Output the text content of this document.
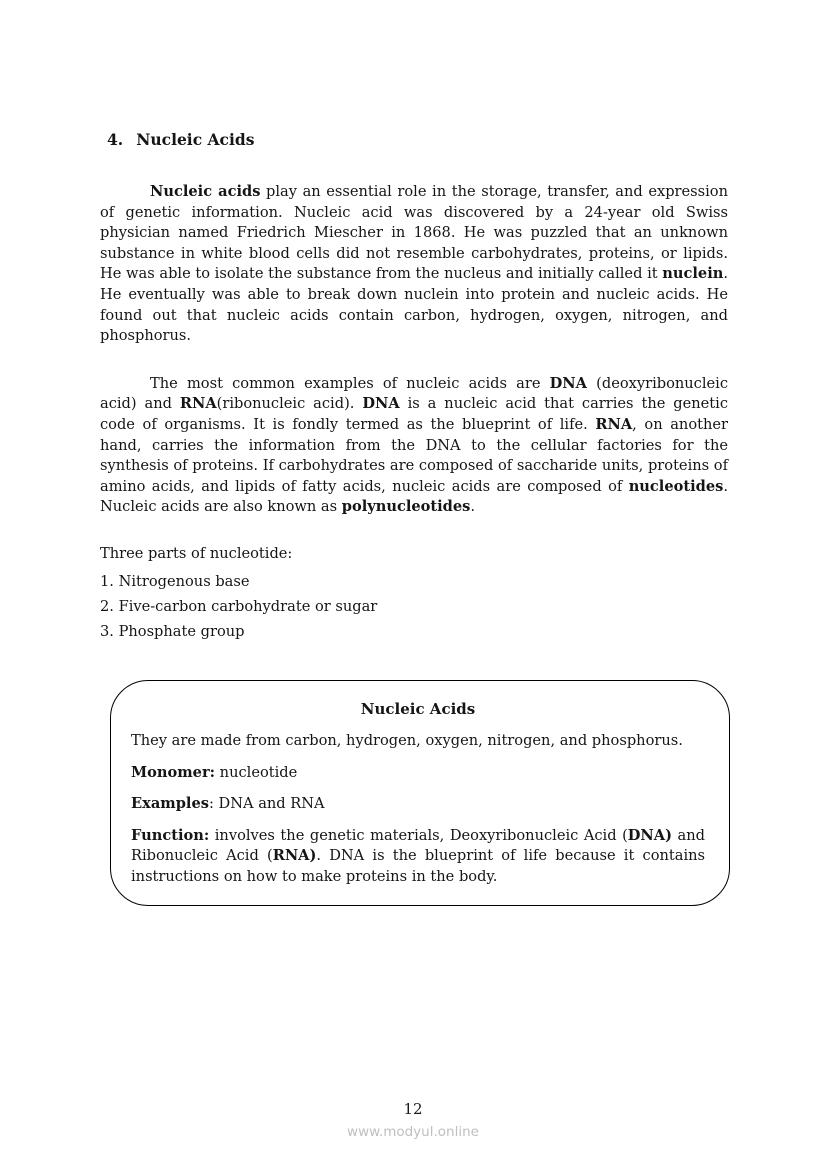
4. Nucleic Acids

Nucleic acids play an essential role in the storage, transfer, and expression of genetic information. Nucleic acid was discovered by a 24-year old Swiss physician named Friedrich Miescher in 1868. He was puzzled that an unknown substance in white blood cells did not resemble carbohydrates, proteins, or lipids. He was able to isolate the substance from the nucleus and initially called it nuclein. He eventually was able to break down nuclein into protein and nucleic acids. He found out that nucleic acids contain carbon, hydrogen, oxygen, nitrogen, and phosphorus.

The most common examples of nucleic acids are DNA (deoxyribonucleic acid) and RNA(ribonucleic acid). DNA is a nucleic acid that carries the genetic code of organisms. It is fondly termed as the blueprint of life. RNA, on another hand, carries the information from the DNA to the cellular factories for the synthesis of proteins. If carbohydrates are composed of saccharide units, proteins of amino acids, and lipids of fatty acids, nucleic acids are composed of nucleotides. Nucleic acids are also known as polynucleotides.

Three parts of nucleotide:

1. Nitrogenous base

2. Five-carbon carbohydrate or sugar

3. Phosphate group

Nucleic Acids

They are made from carbon, hydrogen, oxygen, nitrogen, and phosphorus.

Monomer: nucleotide

Examples: DNA and RNA

Function: involves the genetic materials, Deoxyribonucleic Acid (DNA) and Ribonucleic Acid (RNA). DNA is the blueprint of life because it contains instructions on how to make proteins in the body.

12
www.modyul.online
